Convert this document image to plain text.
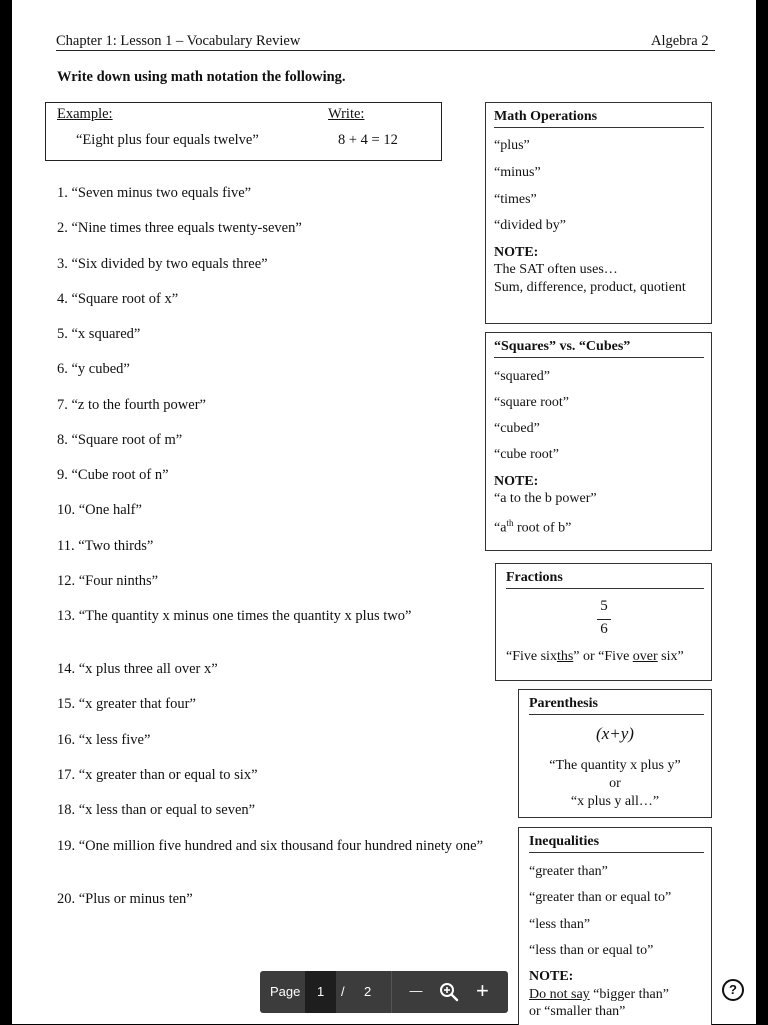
Chapter 1: Lesson 1 – Vocabulary Review	Algebra 2
Write down using math notation the following.
Example:	Write:
“Eight plus four equals twelve”	8 + 4 = 12
1. “Seven minus two equals five”
2. “Nine times three equals twenty-seven”
3. “Six divided by two equals three”
4. “Square root of x”
5. “x squared”
6. “y cubed”
7. “z to the fourth power”
8. “Square root of m”
9. “Cube root of n”
10. “One half”
11. “Two thirds”
12. “Four ninths”
13. “The quantity x minus one times the quantity x plus two”
14. “x plus three all over x”
15. “x greater that four”
16. “x less five”
17. “x greater than or equal to six”
18. “x less than or equal to seven”
19. “One million five hundred and six thousand four hundred ninety one”
20. “Plus or minus ten”
Math Operations
“plus”
“minus”
“times”
“divided by”
NOTE:
The SAT often uses…
Sum, difference, product, quotient
“Squares” vs. “Cubes”
“squared”
“square root”
“cubed”
“cube root”
NOTE:
“a to the b power”
“$a^{th}$ root of b”
Fractions
5
6
“Five sixths” or “Five over six”
Parenthesis
(x+y)
“The quantity x plus y”
or
“x plus y all…”
Inequalities
“greater than”
“greater than or equal to”
“less than”
“less than or equal to”
NOTE:
Do not say “bigger than”
or “smaller than”
Page 1 / 2	— +	?
